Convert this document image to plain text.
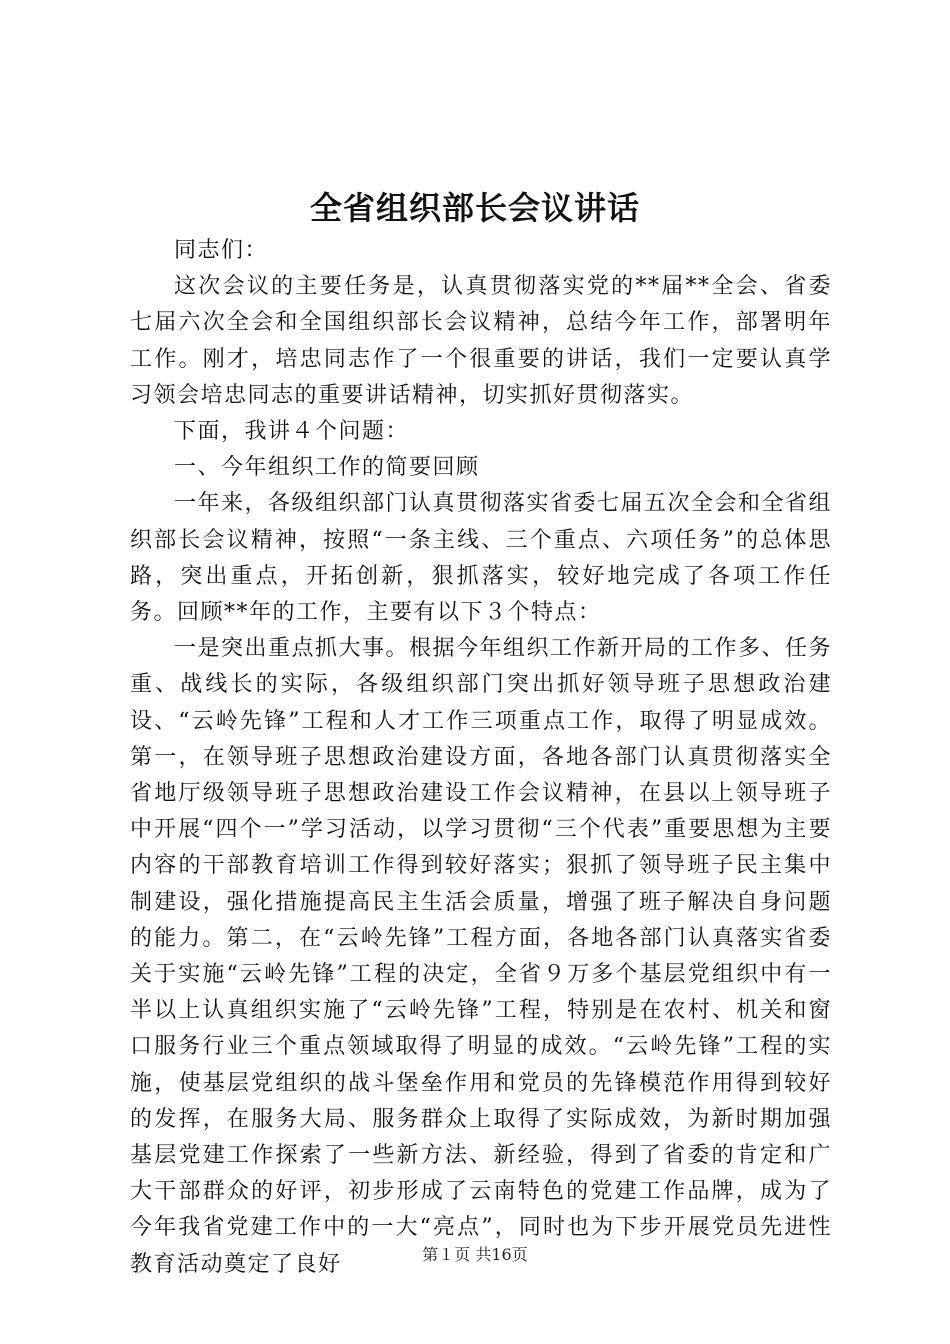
全省组织部长会议讲话

同志们：

这次会议的主要任务是，认真贯彻落实党的**届**全会、省委七届六次全会和全国组织部长会议精神，总结今年工作，部署明年工作。刚才，培忠同志作了一个很重要的讲话，我们一定要认真学习领会培忠同志的重要讲话精神，切实抓好贯彻落实。

下面，我讲４个问题：

一、今年组织工作的简要回顾

一年来，各级组织部门认真贯彻落实省委七届五次全会和全省组织部长会议精神，按照“一条主线、三个重点、六项任务”的总体思路，突出重点，开拓创新，狠抓落实，较好地完成了各项工作任务。回顾**年的工作，主要有以下３个特点：

一是突出重点抓大事。根据今年组织工作新开局的工作多、任务重、战线长的实际，各级组织部门突出抓好领导班子思想政治建设、“云岭先锋”工程和人才工作三项重点工作，取得了明显成效。第一，在领导班子思想政治建设方面，各地各部门认真贯彻落实全省地厅级领导班子思想政治建设工作会议精神，在县以上领导班子中开展“四个一”学习活动，以学习贯彻“三个代表”重要思想为主要内容的干部教育培训工作得到较好落实；狠抓了领导班子民主集中制建设，强化措施提高民主生活会质量，增强了班子解决自身问题的能力。第二，在“云岭先锋”工程方面，各地各部门认真落实省委关于实施“云岭先锋”工程的决定，全省９万多个基层党组织中有一半以上认真组织实施了“云岭先锋”工程，特别是在农村、机关和窗口服务行业三个重点领域取得了明显的成效。“云岭先锋”工程的实施，使基层党组织的战斗堡垒作用和党员的先锋模范作用得到较好的发挥，在服务大局、服务群众上取得了实际成效，为新时期加强基层党建工作探索了一些新方法、新经验，得到了省委的肯定和广大干部群众的好评，初步形成了云南特色的党建工作品牌，成为了今年我省党建工作中的一大“亮点”，同时也为下步开展党员先进性教育活动奠定了良好	第１页 共16页
